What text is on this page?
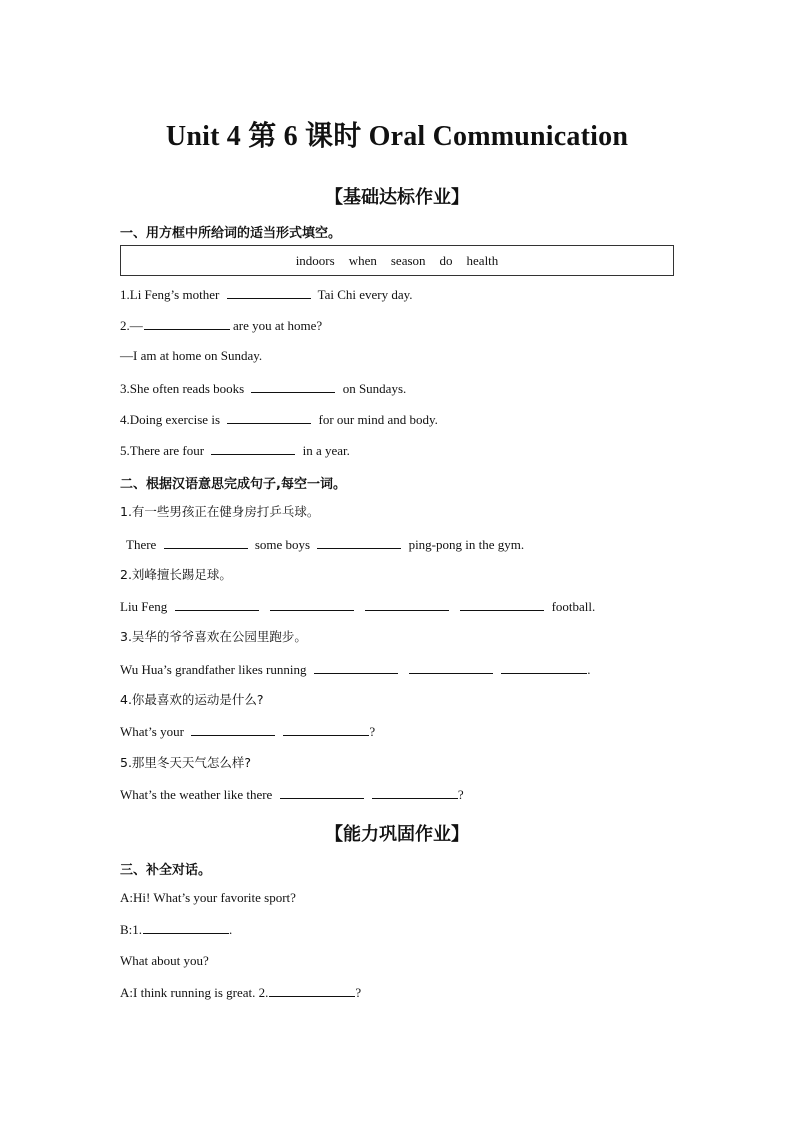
Unit 4 第 6 课时 Oral Communication
【基础达标作业】
一、用方框中所给词的适当形式填空。
indoors when season do health
1.Li Feng’s mother	Tai Chi every day.
2.—	are you at home?
—I am at home on Sunday.
3.She often reads books	on Sundays.
4.Doing exercise is	for our mind and body.
5.There are four	in a year.
二、根据汉语意思完成句子,每空一词。
1.有一些男孩正在健身房打乒乓球。
There	some boys	ping-pong in the gym.
2.刘峰擅长踢足球。
Liu Feng	football.
3.吴华的爷爷喜欢在公园里跑步。
Wu Hua’s grandfather likes running	.
4.你最喜欢的运动是什么?
What’s your	?
5.那里冬天天气怎么样?
What’s the weather like there	?
【能力巩固作业】
三、补全对话。
A:Hi! What’s your favorite sport?
B:1.	.
What about you?
A:I think running is great. 2.	?
